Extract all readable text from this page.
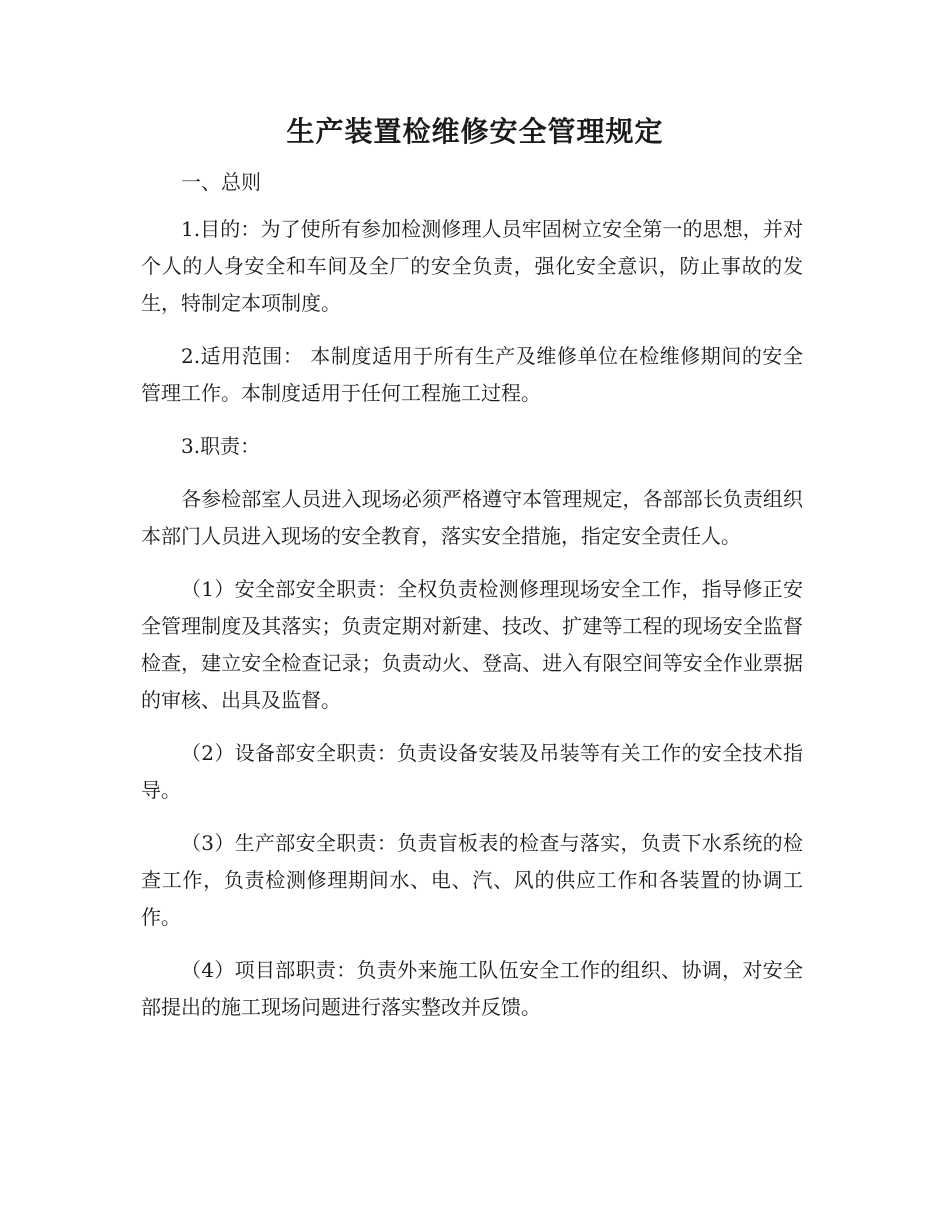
生产装置检维修安全管理规定

一、总则

1.目的：为了使所有参加检测修理人员牢固树立安全第一的思想，并对个人的人身安全和车间及全厂的安全负责，强化安全意识，防止事故的发生，特制定本项制度。

2.适用范围： 本制度适用于所有生产及维修单位在检维修期间的安全管理工作。本制度适用于任何工程施工过程。

3.职责：

各参检部室人员进入现场必须严格遵守本管理规定，各部部长负责组织本部门人员进入现场的安全教育，落实安全措施，指定安全责任人。

（1）安全部安全职责：全权负责检测修理现场安全工作，指导修正安全管理制度及其落实；负责定期对新建、技改、扩建等工程的现场安全监督检查，建立安全检查记录；负责动火、登高、进入有限空间等安全作业票据的审核、出具及监督。

（2）设备部安全职责：负责设备安装及吊装等有关工作的安全技术指导。

（3）生产部安全职责：负责盲板表的检查与落实，负责下水系统的检查工作，负责检测修理期间水、电、汽、风的供应工作和各装置的协调工作。

（4）项目部职责：负责外来施工队伍安全工作的组织、协调，对安全部提出的施工现场问题进行落实整改并反馈。
